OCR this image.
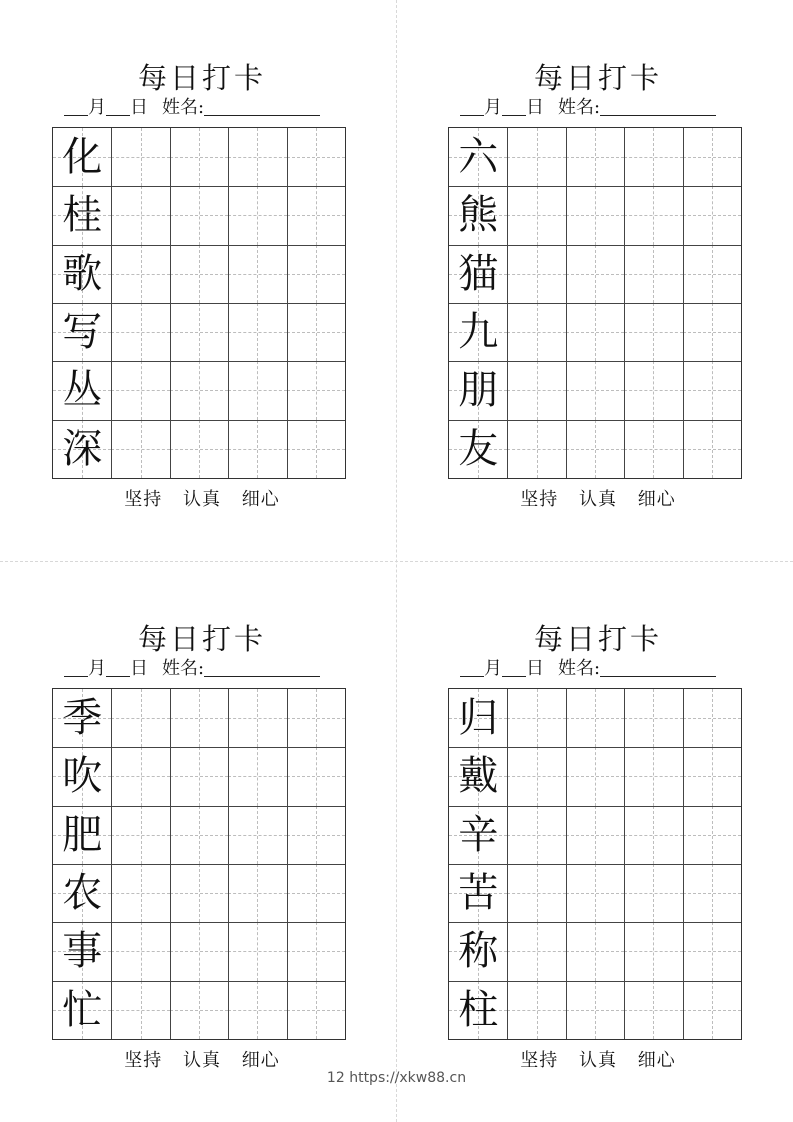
每日打卡
月 日 姓名:
化
桂
歌
写
丛
深
坚持 认真 细心
每日打卡
月 日 姓名:
六
熊
猫
九
朋
友
坚持 认真 细心
每日打卡
月 日 姓名:
季
吹
肥
农
事
忙
坚持 认真 细心
每日打卡
月 日 姓名:
归
戴
辛
苦
称
柱
坚持 认真 细心
12 https://xkw88.cn
